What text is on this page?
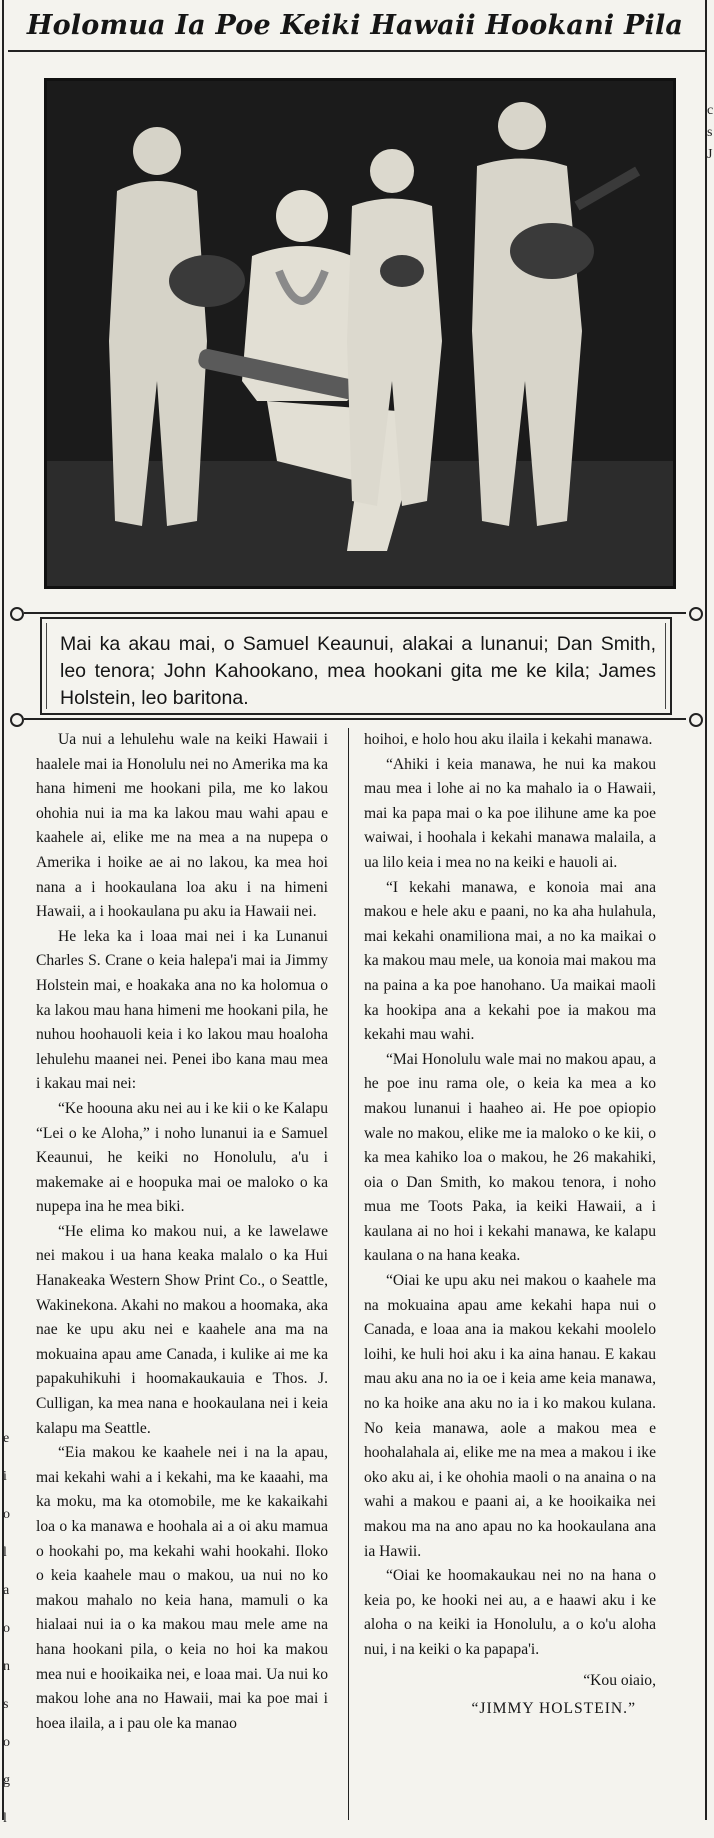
Holomua Ia Poe Keiki Hawaii Hookani Pila
Mai ka akau mai, o Samuel Keaunui, alakai a lunanui; Dan Smith, leo tenora; John Kahookano, mea hookani gita me ke kila; James Holstein, leo baritona.

Ua nui a lehulehu wale na keiki Hawaii i haalele mai ia Honolulu nei no Amerika ma ka hana himeni me hookani pila, me ko lakou ohohia nui ia ma ka lakou mau wahi apau e kaahele ai, elike me na mea a na nupepa o Amerika i hoike ae ai no lakou, ka mea hoi nana a i hookaulana loa aku i na himeni Hawaii, a i hookaulana pu aku ia Hawaii nei.

He leka ka i loaa mai nei i ka Lunanui Charles S. Crane o keia halepa'i mai ia Jimmy Holstein mai, e hoakaka ana no ka holomua o ka lakou mau hana himeni me hookani pila, he nuhou hoohauoli keia i ko lakou mau hoaloha lehulehu maanei nei. Penei ibo kana mau mea i kakau mai nei:

“Ke hoouna aku nei au i ke kii o ke Kalapu “Lei o ke Aloha,” i noho lunanui ia e Samuel Keaunui, he keiki no Honolulu, a'u i makemake ai e hoopuka mai oe maloko o ka nupepa ina he mea biki.

“He elima ko makou nui, a ke lawelawe nei makou i ua hana keaka malalo o ka Hui Hanakeaka Western Show Print Co., o Seattle, Wakinekona. Akahi no makou a hoomaka, aka nae ke upu aku nei e kaahele ana ma na mokuaina apau ame Canada, i kulike ai me ka papakuhikuhi i hoomakaukauia e Thos. J. Culligan, ka mea nana e hookaulana nei i keia kalapu ma Seattle.

“Eia makou ke kaahele nei i na la apau, mai kekahi wahi a i kekahi, ma ke kaaahi, ma ka moku, ma ka otomobile, me ke kakaikahi loa o ka manawa e hoohala ai a oi aku mamua o hookahi po, ma kekahi wahi hookahi. Iloko o keia kaahele mau o makou, ua nui no ko makou mahalo no keia hana, mamuli o ka hialaai nui ia o ka makou mau mele ame na hana hookani pila, o keia no hoi ka makou mea nui e hooikaika nei, e loaa mai. Ua nui ko makou lohe ana no Hawaii, mai ka poe mai i hoea ilaila, a i pau ole ka manao

hoihoi, e holo hou aku ilaila i kekahi manawa.

“Ahiki i keia manawa, he nui ka makou mau mea i lohe ai no ka mahalo ia o Hawaii, mai ka papa mai o ka poe ilihune ame ka poe waiwai, i hoohala i kekahi manawa malaila, a ua lilo keia i mea no na keiki e hauoli ai.

“I kekahi manawa, e konoia mai ana makou e hele aku e paani, no ka aha hulahula, mai kekahi onamiliona mai, a no ka maikai o ka makou mau mele, ua konoia mai makou ma na paina a ka poe hanohano. Ua maikai maoli ka hookipa ana a kekahi poe ia makou ma kekahi mau wahi.

“Mai Honolulu wale mai no makou apau, a he poe inu rama ole, o keia ka mea a ko makou lunanui i haaheo ai. He poe opiopio wale no makou, elike me ia maloko o ke kii, o ka mea kahiko loa o makou, he 26 makahiki, oia o Dan Smith, ko makou tenora, i noho mua me Toots Paka, ia keiki Hawaii, a i kaulana ai no hoi i kekahi manawa, ke kalapu kaulana o na hana keaka.

“Oiai ke upu aku nei makou o kaahele ma na mokuaina apau ame kekahi hapa nui o Canada, e loaa ana ia makou kekahi moolelo loihi, ke huli hoi aku i ka aina hanau. E kakau mau aku ana no ia oe i keia ame keia manawa, no ka hoike ana aku no ia i ko makou kulana. No keia manawa, aole a makou mea e hoohalahala ai, elike me na mea a makou i ike oko aku ai, i ke ohohia maoli o na anaina o na wahi a makou e paani ai, a ke hooikaika nei makou ma na ano apau no ka hookaulana ana ia Hawii.

“Oiai ke hoomakaukau nei no na hana o keia po, ke hooki nei au, a e haawi aku i ke aloha o na keiki ia Honolulu, a o ko'u aloha nui, i na keiki o ka papapa'i.

“Kou oiaio,

“JIMMY HOLSTEIN.”

c
s
J
e
i
o
l
a
o
n
s
o
g
l
